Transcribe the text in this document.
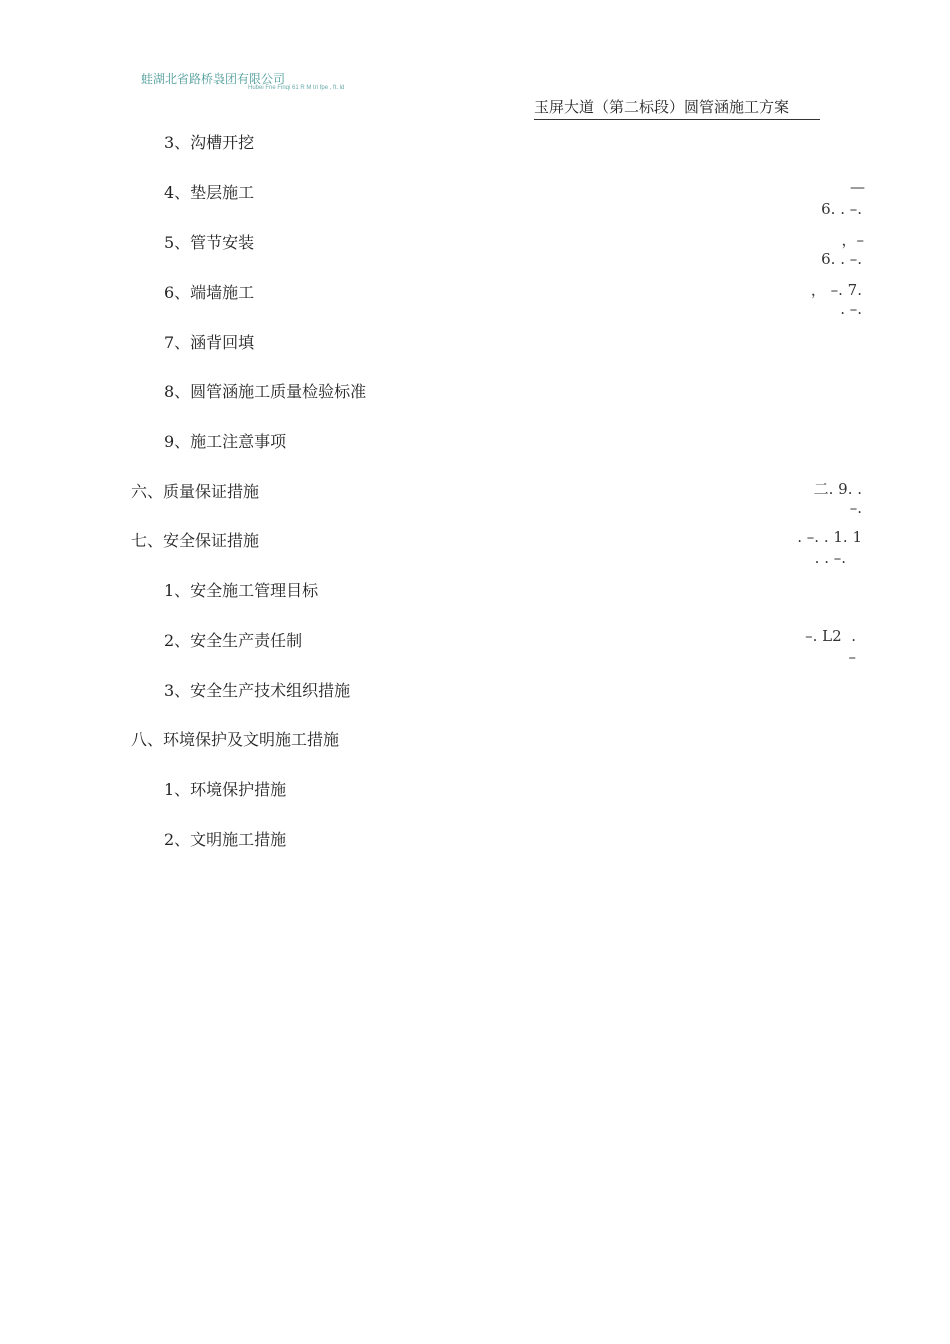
蛙湖北省路桥袅团有限公司
Hubei Fne Finqi 61 R M tri fpe , ft. ld
玉屏大道（第二标段）圆管涵施工方案
3、沟槽开挖
4、垫层施工
5、管节安装
6、端墙施工
7、涵背回填
8、圆管涵施工质量检验标准
9、施工注意事项
六、质量保证措施
七、安全保证措施
1、安全施工管理目标
2、安全生产责任制
3、安全生产技术组织措施
八、环境保护及文明施工措施
1、环境保护措施
2、文明施工措施
—
6. . –.
，–
6. . –.
， –. 7.
. –.
二. 9. .
–.
. –. . 1. 1
. . –.
–. L2  .
–
